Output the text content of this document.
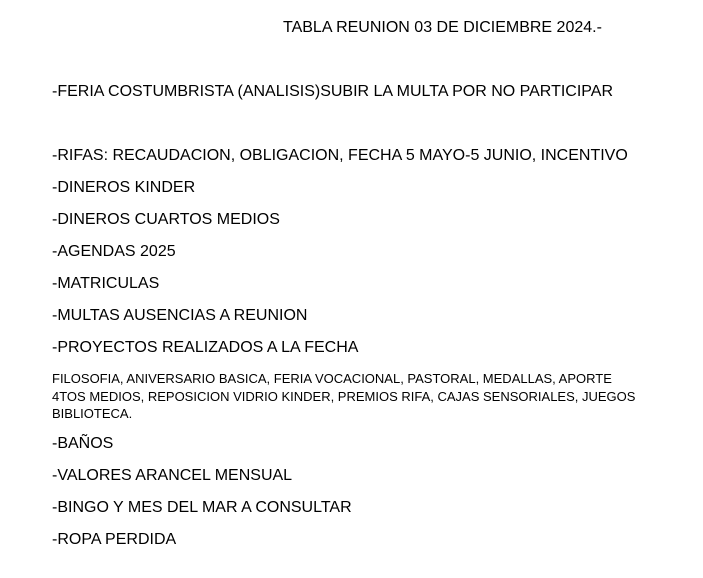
TABLA REUNION 03 DE DICIEMBRE 2024.-
-FERIA COSTUMBRISTA (ANALISIS)SUBIR LA MULTA POR NO PARTICIPAR
-RIFAS: RECAUDACION, OBLIGACION, FECHA 5 MAYO-5 JUNIO, INCENTIVO
-DINEROS KINDER
-DINEROS CUARTOS MEDIOS
-AGENDAS 2025
-MATRICULAS
-MULTAS AUSENCIAS A REUNION
-PROYECTOS REALIZADOS A LA FECHA
FILOSOFIA, ANIVERSARIO BASICA, FERIA VOCACIONAL, PASTORAL, MEDALLAS, APORTE 4TOS MEDIOS, REPOSICION VIDRIO KINDER, PREMIOS RIFA, CAJAS SENSORIALES, JUEGOS BIBLIOTECA.
-BAÑOS
-VALORES ARANCEL MENSUAL
-BINGO Y MES DEL MAR A CONSULTAR
-ROPA PERDIDA
